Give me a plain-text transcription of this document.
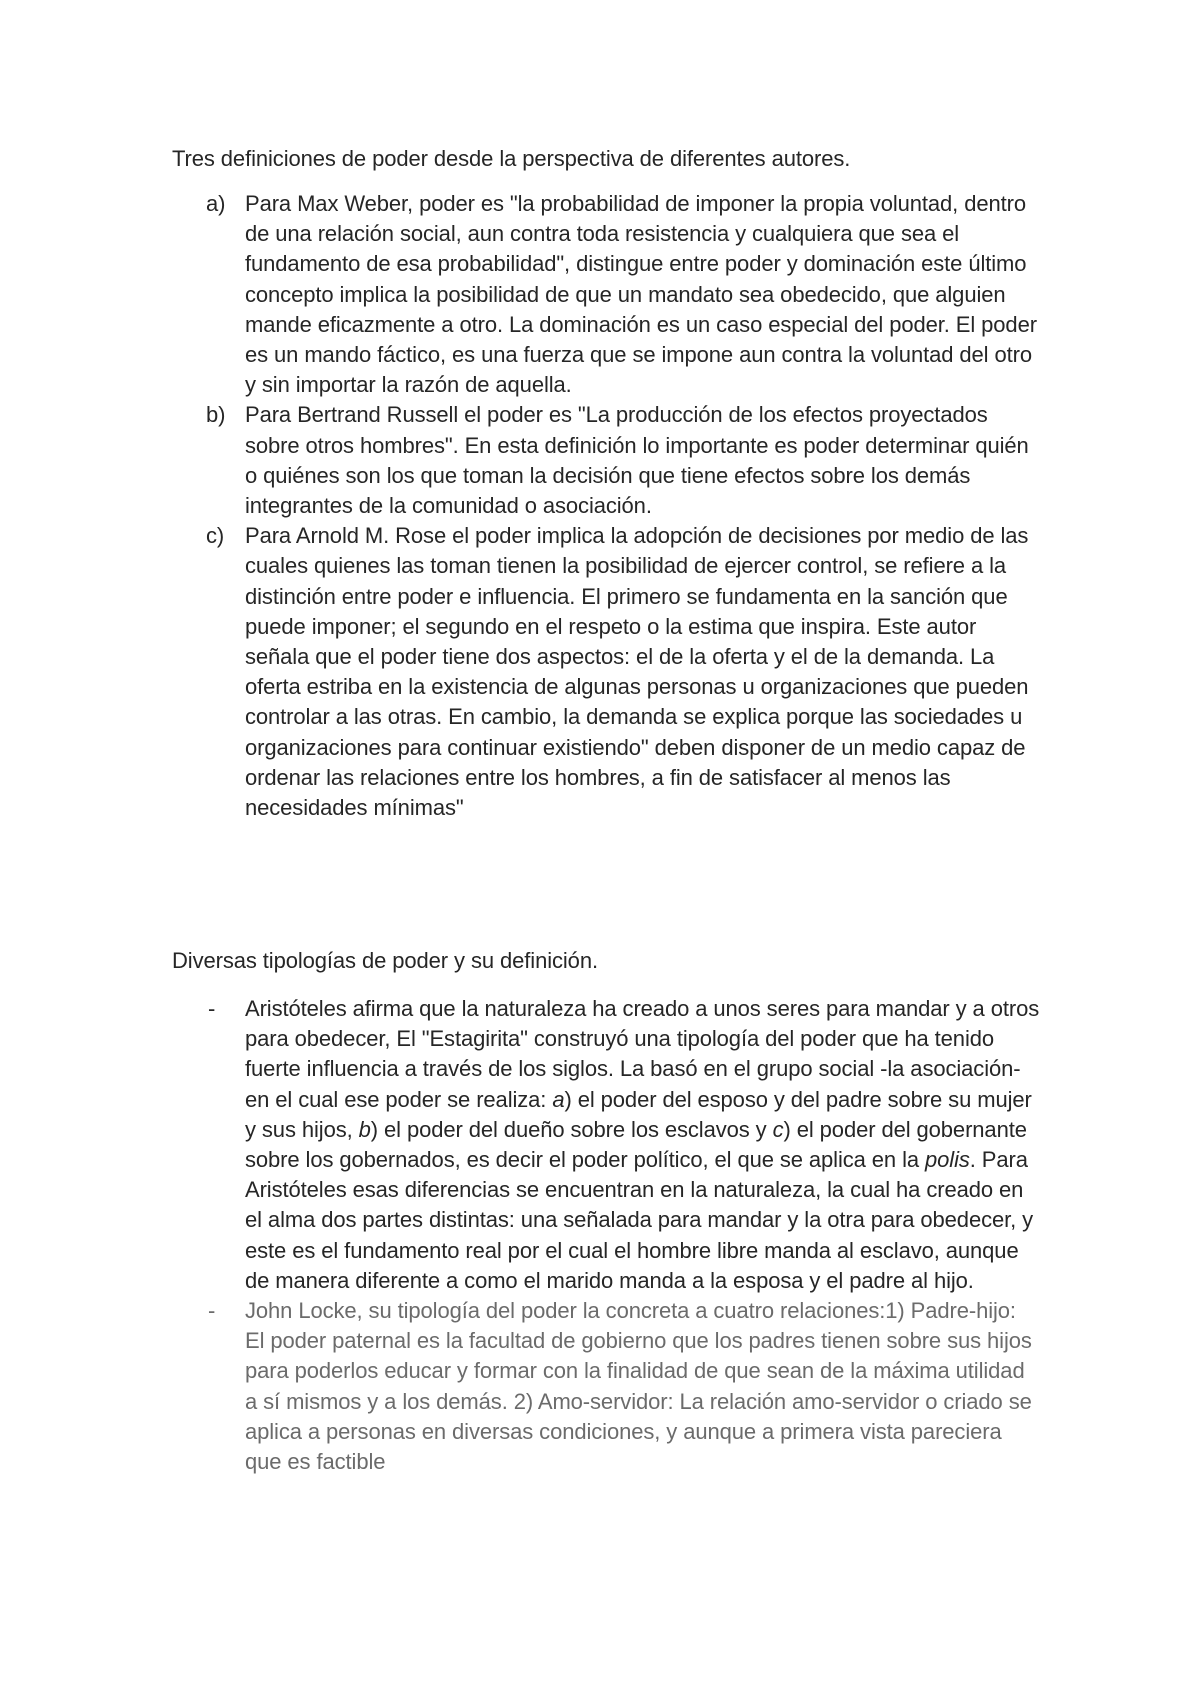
Tres definiciones de poder desde la perspectiva de diferentes autores.
a) Para Max Weber, poder es "la probabilidad de imponer la propia voluntad, dentro de una relación social, aun contra toda resistencia y cualquiera que sea el fundamento de esa probabilidad", distingue entre poder y dominación este último concepto implica la posibilidad de que un mandato sea obedecido, que alguien mande eficazmente a otro. La dominación es un caso especial del poder. El poder es un mando fáctico, es una fuerza que se impone aun contra la voluntad del otro y sin importar la razón de aquella.
b) Para Bertrand Russell el poder es "La producción de los efectos proyectados sobre otros hombres". En esta definición lo importante es poder determinar quién o quiénes son los que toman la decisión que tiene efectos sobre los demás integrantes de la comunidad o asociación.
c) Para Arnold M. Rose el poder implica la adopción de decisiones por medio de las cuales quienes las toman tienen la posibilidad de ejercer control, se refiere a la distinción entre poder e influencia. El primero se fundamenta en la sanción que puede imponer; el segundo en el respeto o la estima que inspira. Este autor señala que el poder tiene dos aspectos: el de la oferta y el de la demanda. La oferta estriba en la existencia de algunas personas u organizaciones que pueden controlar a las otras. En cambio, la demanda se explica porque las sociedades u organizaciones para continuar existiendo" deben disponer de un medio capaz de ordenar las relaciones entre los hombres, a fin de satisfacer al menos las necesidades mínimas"
Diversas tipologías de poder y su definición.
- Aristóteles afirma que la naturaleza ha creado a unos seres para mandar y a otros para obedecer, El "Estagirita" construyó una tipología del poder que ha tenido fuerte influencia a través de los siglos. La basó en el grupo social -la asociación- en el cual ese poder se realiza: a) el poder del esposo y del padre sobre su mujer y sus hijos, b) el poder del dueño sobre los esclavos y c) el poder del gobernante sobre los gobernados, es decir el poder político, el que se aplica en la polis. Para Aristóteles esas diferencias se encuentran en la naturaleza, la cual ha creado en el alma dos partes distintas: una señalada para mandar y la otra para obedecer, y este es el fundamento real por el cual el hombre libre manda al esclavo, aunque de manera diferente a como el marido manda a la esposa y el padre al hijo.
- John Locke, su tipología del poder la concreta a cuatro relaciones:1) Padre-hijo: El poder paternal es la facultad de gobierno que los padres tienen sobre sus hijos para poderlos educar y formar con la finalidad de que sean de la máxima utilidad a sí mismos y a los demás. 2) Amo-servidor: La relación amo-servidor o criado se aplica a personas en diversas condiciones, y aunque a primera vista pareciera que es factible
